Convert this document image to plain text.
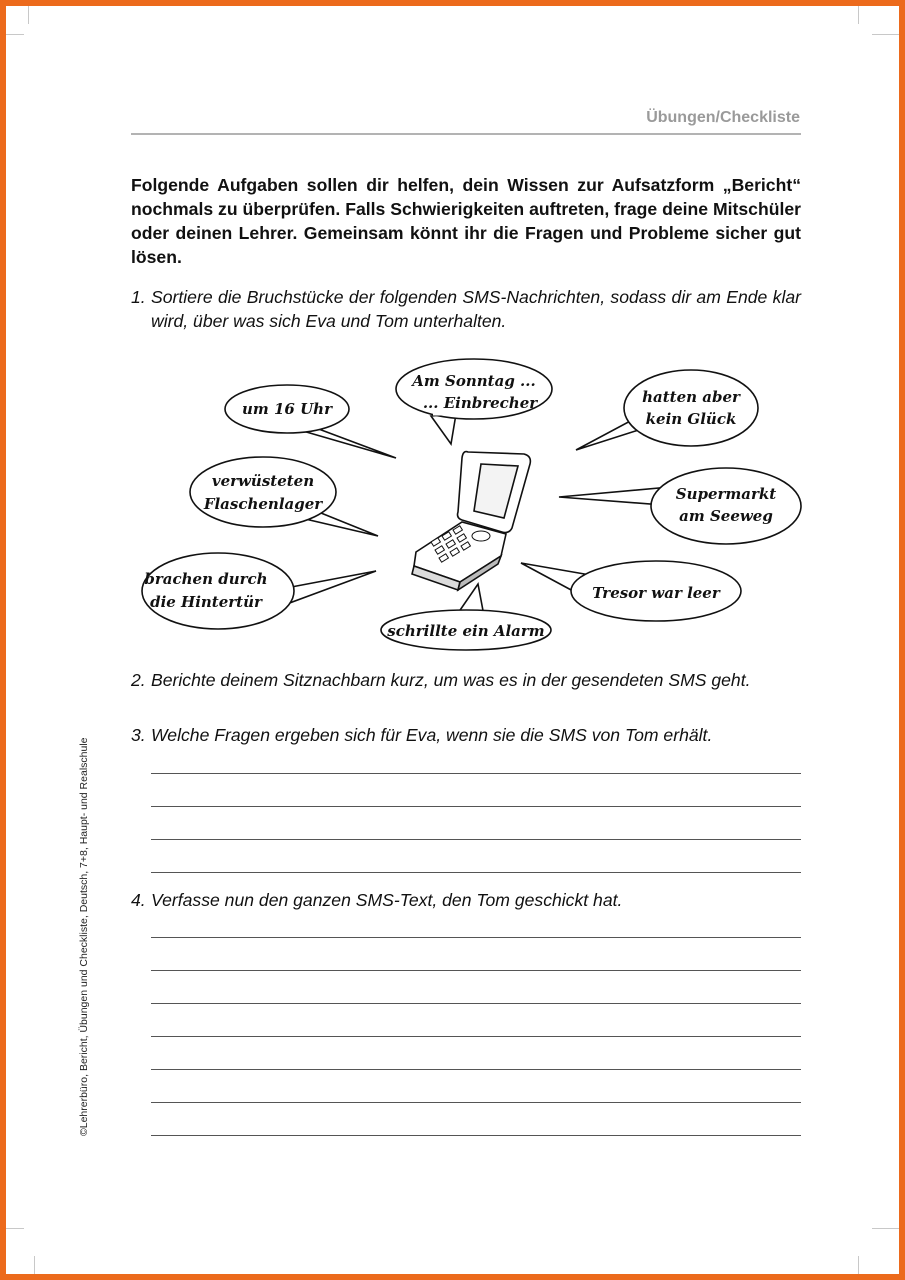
Übungen/Checkliste

Folgende Aufgaben sollen dir helfen, dein Wissen zur Aufsatzform „Bericht“ nochmals zu überprüfen. Falls Schwierigkeiten auftreten, frage deine Mitschüler oder deinen Lehrer. Gemeinsam könnt ihr die Fragen und Probleme sicher gut lösen.

1. Sortiere die Bruchstücke der folgenden SMS-Nachrichten, sodass dir am Ende klar wird, über was sich Eva und Tom unterhalten.
um 16 Uhr
Am Sonntag ...
... Einbrecher	hatten aber
kein Glück
verwüsteten
Flaschenlager
Supermarkt
am Seeweg
brachen durch
die Hintertür	Tresor war leer
schrillte ein Alarm
2. Berichte deinem Sitznachbarn kurz, um was es in der gesendeten SMS geht.
3. Welche Fragen ergeben sich für Eva, wenn sie die SMS von Tom erhält.
4. Verfasse nun den ganzen SMS-Text, den Tom geschickt hat.
©Lehrerbüro, Bericht, Übungen und Checkliste, Deutsch, 7+8, Haupt- und Realschule
